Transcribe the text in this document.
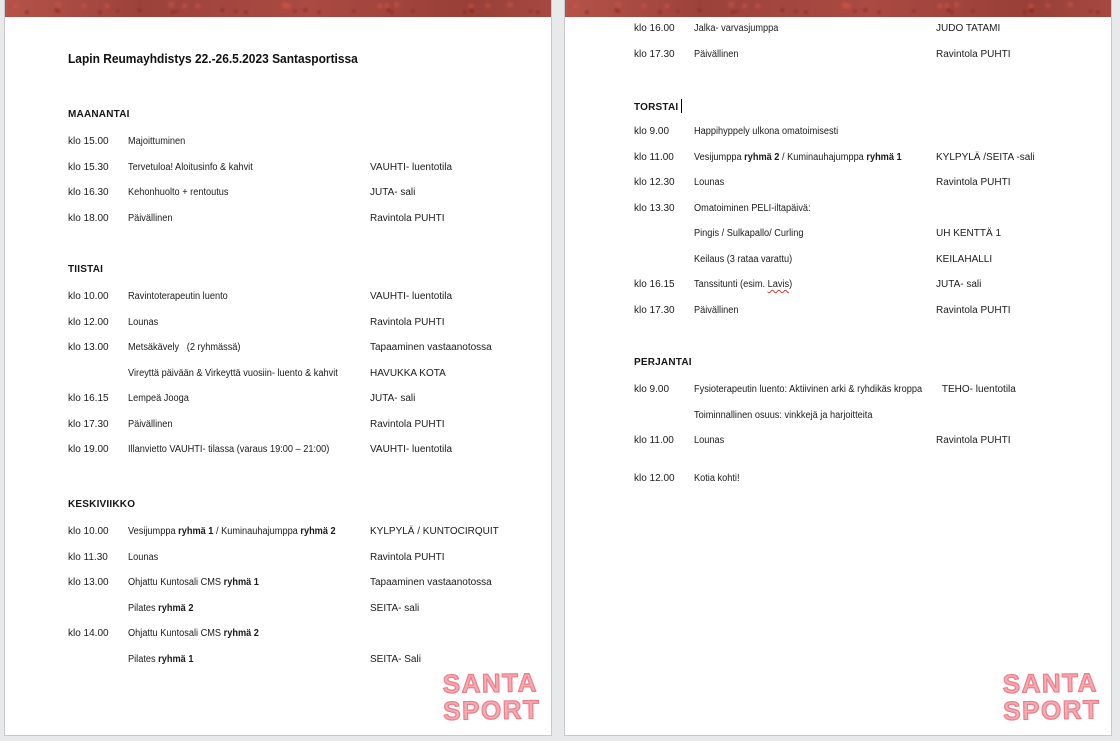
Lapin Reumayhdistys 22.-26.5.2023 Santasportissa
MAANANTAI
klo 15.00	Majoittuminen
klo 15.30	Tervetuloa! Aloitusinfo & kahvit	VAUHTI- luentotila
klo 16.30	Kehonhuolto + rentoutus	JUTA- sali
klo 18.00	Päivällinen	Ravintola PUHTI
TIISTAI
klo 10.00	Ravintoterapeutin luento	VAUHTI- luentotila
klo 12.00	Lounas	Ravintola PUHTI
klo 13.00	Metsäkävely   (2 ryhmässä)	Tapaaminen vastaanotossa
Vireyttä päivään & Virkeyttä vuosiin- luento & kahvit	HAVUKKA KOTA
klo 16.15	Lempeä Jooga	JUTA- sali
klo 17.30	Päivällinen	Ravintola PUHTI
klo 19.00	Illanvietto VAUHTI- tilassa (varaus 19:00 – 21:00)	VAUHTI- luentotila
KESKIVIIKKO
klo 10.00	Vesijumppa ryhmä 1 / Kuminauhajumppa ryhmä 2	KYLPYLÄ / KUNTOCIRQUIT
klo 11.30	Lounas	Ravintola PUHTI
klo 13.00	Ohjattu Kuntosali CMS ryhmä 1	Tapaaminen vastaanotossa
Pilates ryhmä 2	SEITA- sali
klo 14.00	Ohjattu Kuntosali CMS ryhmä 2
Pilates ryhmä 1	SEITA- Sali
SANTA
SPORT
klo 16.00	Jalka- varvasjumppa	JUDO TATAMI
klo 17.30	Päivällinen	Ravintola PUHTI
TORSTAI
klo 9.00	Happihyppely ulkona omatoimisesti
klo 11.00	Vesijumppa ryhmä 2 / Kuminauhajumppa ryhmä 1	KYLPYLÄ /SEITA -sali
klo 12.30	Lounas	Ravintola PUHTI
klo 13.30	Omatoiminen PELI-iltapäivä:
Pingis / Sulkapallo/ Curling	UH KENTTÄ 1
Keilaus (3 rataa varattu)	KEILAHALLI
klo 16.15	Tanssitunti (esim. Lavis)	JUTA- sali
klo 17.30	Päivällinen	Ravintola PUHTI
PERJANTAI
klo 9.00	Fysioterapeutin luento: Aktiivinen arki & ryhdikäs kroppa	TEHO- luentotila
Toiminnallinen osuus: vinkkejä ja harjoitteita
klo 11.00	Lounas	Ravintola PUHTI
klo 12.00	Kotia kohti!
SANTA
SPORT
